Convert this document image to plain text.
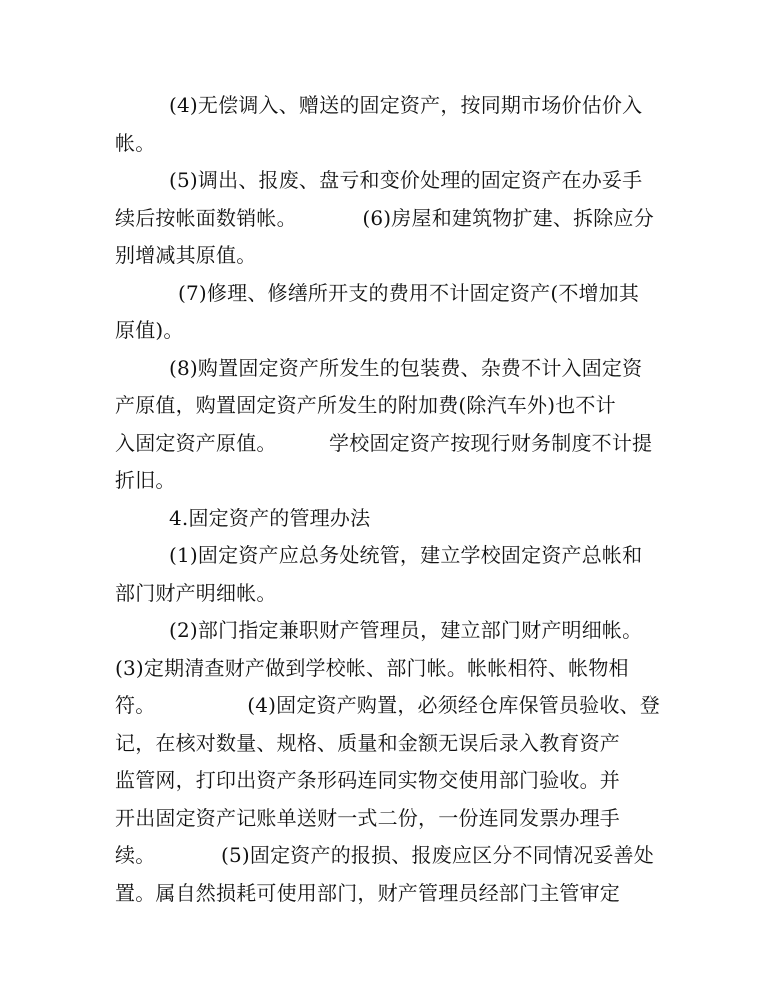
(4)无偿调入、赠送的固定资产，按同期市场价估价入
帐。
(5)调出、报废、盘亏和变价处理的固定资产在办妥手
续后按帐面数销帐。          (6)房屋和建筑物扩建、拆除应分
别增减其原值。
(7)修理、修缮所开支的费用不计固定资产(不增加其
原值)。
(8)购置固定资产所发生的包装费、杂费不计入固定资
产原值，购置固定资产所发生的附加费(除汽车外)也不计
入固定资产原值。        学校固定资产按现行财务制度不计提
折旧。
4.固定资产的管理办法
(1)固定资产应总务处统管，建立学校固定资产总帐和
部门财产明细帐。
(2)部门指定兼职财产管理员，建立部门财产明细帐。
(3)定期清查财产做到学校帐、部门帐。帐帐相符、帐物相
符。              (4)固定资产购置，必须经仓库保管员验收、登
记，在核对数量、规格、质量和金额无误后录入教育资产
监管网，打印出资产条形码连同实物交使用部门验收。并
开出固定资产记账单送财一式二份，一份连同发票办理手
续。          (5)固定资产的报损、报废应区分不同情况妥善处
置。属自然损耗可使用部门，财产管理员经部门主管审定
